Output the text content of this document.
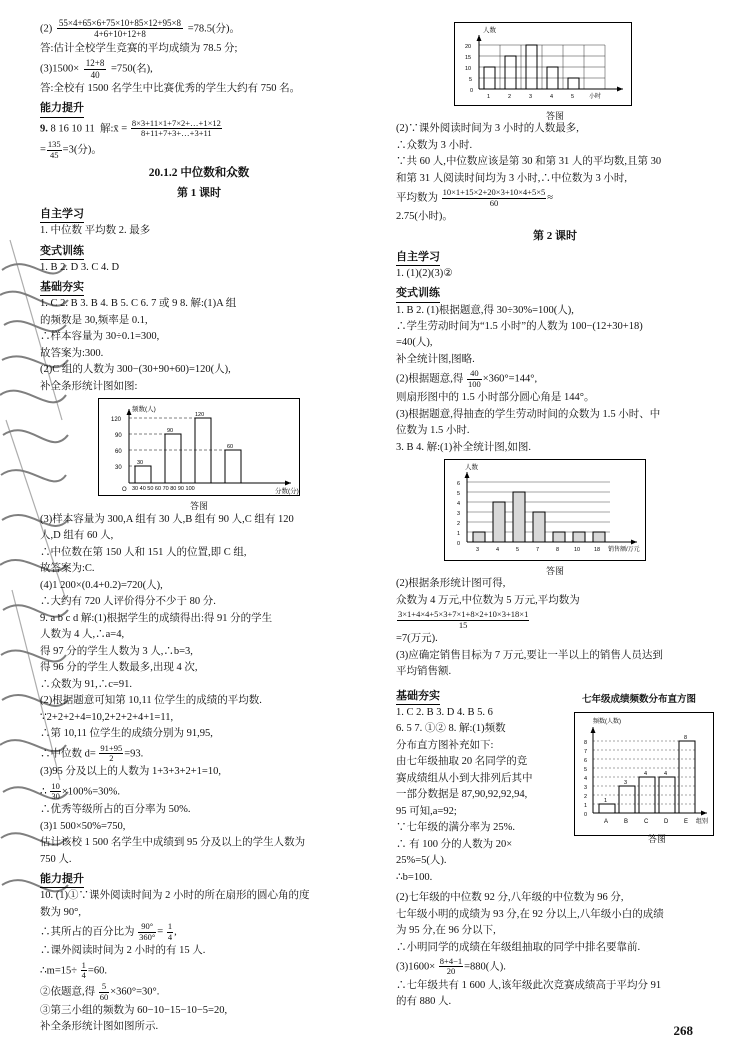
$(2) \frac{55\times 4+65\times 6+75\times 10+85\times 12+95\times 8}{4+6+10+12+8} =78.5$(分)。
答:估计全校学生竞赛的平均成绩为 78.5 分;
$(3)1500\times \frac{12+8}{40} =750$(名),
答:全校有 1500 名学生中比赛优秀的学生大约有 750 名。
能力提升
9. 8 16 10 11 解:x̄ = $\frac{8\times 3+11\times 1+7\times 2+\dots+1\times 12}{8+11+7+3+\dots+3+11}$
= $\frac{135}{45} =3$(分)。
20.1.2 中位数和众数
第 1 课时
自主学习
1. 中位数 平均数 2. 最多
变式训练
1. B 2. D 3. C 4. D
基础夯实
1. C 2. B 3. B 4. B 5. C 6. 7 或 9 8. 解:(1)A 组
的频数是 30,频率是 0.1,
∴样本容量为 30÷0.1=300,
故答案为:300.
(2)C 组的人数为 300−(30+90+60)=120(人),
补全条形统计图如图:
频数(人)
分数(分)
120
90
60
30
O
30
90
120
60
30 40 50 60 70 80 90 100
答图
(3)样本容量为 300,A 组有 30 人,B 组有 90 人,C 组有 120
人,D 组有 60 人,
∴中位数在第 150 人和 151 人的位置,即 C 组,
故答案为:C.
(4)1 200×(0.4+0.2)=720(人),
∴大约有 720 人评价得分不少于 80 分.
9. a b c d 解:(1)根据学生的成绩得出:得 91 分的学生
人数为 4 人,∴a=4,
得 97 分的学生人数为 3 人,∴b=3,
得 96 分的学生人数最多,出现 4 次,
∴众数为 91,∴c=91.
(2)根据题意可知第 10,11 位学生的成绩的平均数.
∵2+2+2+4=10,2+2+2+4+1=11,
∴第 10,11 位学生的成绩分别为 91,95,
∴中位数 $d= \frac{91+95}{2} =93$.
(3)95 分及以上的人数为 1+3+3+2+1=10,
∴ $\frac{10}{30} \times 100\%=30\%$.
∴优秀等级所占的百分率为 50%.
(3)1 500×50%=750,
估计该校 1 500 名学生中成绩到 95 分及以上的学生人数为
750 人.
能力提升
10. (1)①∵课外阅读时间为 2 小时的所在扇形的圆心角的度
数为 90°,
∴其所占的百分比为 $\frac{90^\circ}{360^\circ} = \frac{1}{4}$ ,
∴课外阅读时间为 2 小时的有 15 人.
∴m=15÷ $\frac{1}{4} =60$.
②依题意,得 $\frac{5}{60} \times 360^\circ=30^\circ$.
③第三小组的频数为 60−10−15−10−5=20,
补全条形统计图如图所示.
人数
20
15
10
5
0
1	2	3	4	5 小时
答图
(2)∵课外阅读时间为 3 小时的人数最多,
∴众数为 3 小时.
∵共 60 人,中位数应该是第 30 和第 31 人的平均数,且第 30
和第 31 人阅读时间均为 3 小时,∴中位数为 3 小时,
平均数为 $\frac{10\times 1+15\times 2+20\times 3+10\times 4+5\times 5}{60}$ ≈
2.75(小时)。
第 2 课时
自主学习
1. (1)(2)(3)②
变式训练
1. B 2. (1)根据题意,得 30÷30%=100(人),
∴学生劳动时间为“1.5 小时”的人数为 100−(12+30+18)
=40(人),
补全统计图,图略.
(2)根据题意,得 $\frac{40}{100} \times 360^\circ=144^\circ$,
则扇形图中的 1.5 小时部分圆心角是 144°。
(3)根据题意,得抽查的学生劳动时间的众数为 1.5 小时、中
位数为 1.5 小时.
3. B 4. 解:(1)补全统计图,如图.
人数
6
5
4
3
2
1
0
3	4	5	7	8	10	18 销售额/万元
答图
(2)根据条形统计图可得,
众数为 4 万元,中位数为 5 万元,平均数为
$\frac{3\times 1+4\times 4+5\times 3+7\times 1+8\times 2+10\times 3+18\times 1}{15}$
=7(万元).
(3)应确定销售目标为 7 万元,要让一半以上的销售人员达到
平均销售额.
基础夯实
频数(人数)
8
7
6
5
4
3
2
1
0
1
3
4	4
8
A	B	C	D	E 组别
七年级成绩频数分布直方图
1. C 2. B 3. D 4. B 5. 6
6. 5 7. ①② 8. 解:(1)频数
分布直方图补充如下:
由七年级抽取 20 名同学的竞
赛成绩组从小到大排列后其中
一部分数据是 87,90,92,92,94,
95 可知,a=92;
∵七年级的满分率为 25%.
∴ 有 100 分的人数为 20×
25%=5(人).
∴b=100.
答图
(2)七年级的中位数 92 分,八年级的中位数为 96 分,
七年级小明的成绩为 93 分,在 92 分以上,八年级小白的成绩
为 95 分,在 96 分以下,
∴小明同学的成绩在年级组抽取的同学中排名要靠前.
$(3)1600\times \frac{8+4-1}{20} =880$(人).
∴七年级共有 1 600 人,该年级此次竞赛成绩高于平均分 91
的有 880 人.
268
